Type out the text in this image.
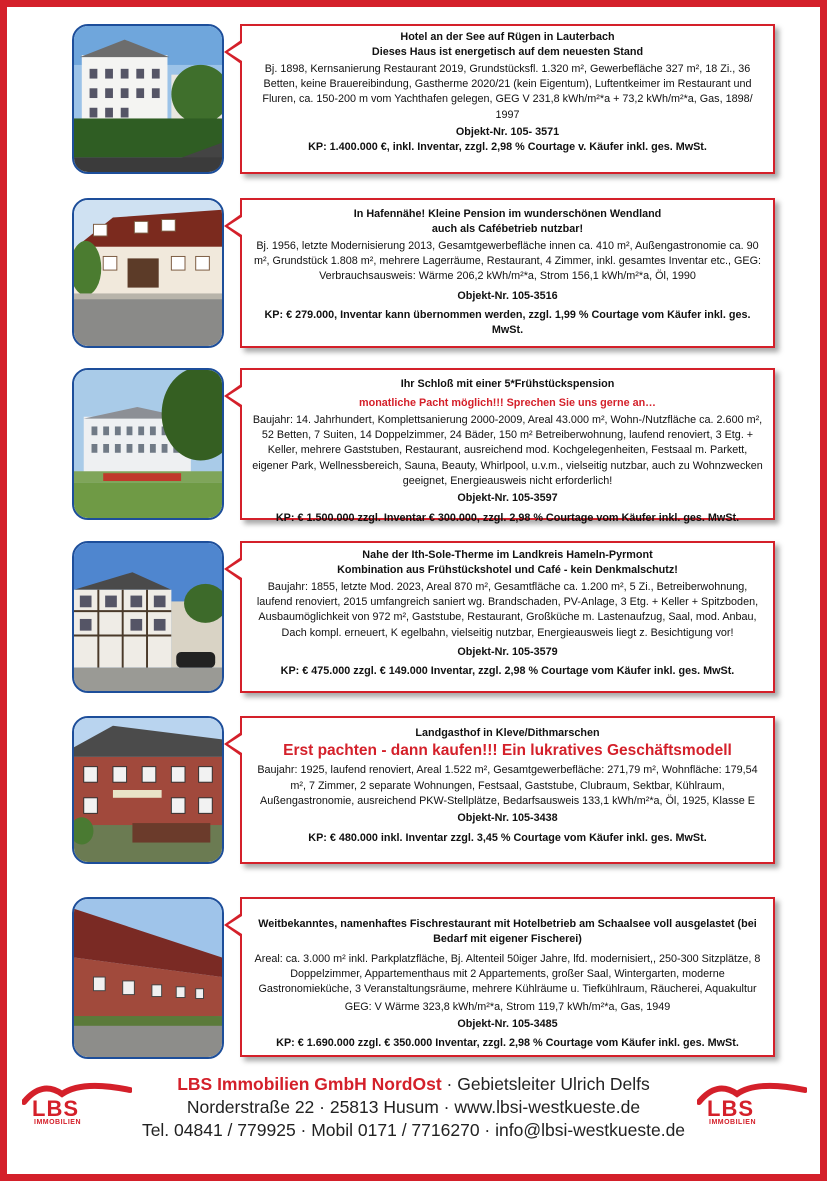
Hotel an der See auf Rügen in Lauterbach
Dieses Haus ist energetisch auf dem neuesten Stand
Bj. 1898, Kernsanierung Restaurant 2019, Grundstücksfl. 1.320 m², Gewerbefläche 327 m², 18 Zi., 36 Betten, keine Brauereibindung, Gastherme 2020/21 (kein Eigentum), Luftentkeimer im Restaurant und Fluren, ca. 150-200 m vom Yachthafen gelegen, GEG V 231,8 kWh/m²*a + 73,2 kWh/m²*a, Gas, 1898/ 1997
Objekt-Nr. 105- 3571
KP: 1.400.000 €, inkl. Inventar, zzgl. 2,98 % Courtage v. Käufer inkl. ges. MwSt.
In Hafennähe! Kleine Pension im wunderschönen Wendland
auch als Cafébetrieb nutzbar!
Bj. 1956, letzte Modernisierung 2013, Gesamtgewerbefläche innen ca. 410 m², Außengastronomie ca. 90 m², Grundstück 1.808 m², mehrere Lagerräume, Restaurant, 4 Zimmer, inkl. gesamtes Inventar etc., GEG: Verbrauchsausweis: Wärme 206,2 kWh/m²*a, Strom 156,1 kWh/m²*a, Öl, 1990
Objekt-Nr. 105-3516
KP: € 279.000, Inventar kann übernommen werden, zzgl. 1,99 % Courtage vom Käufer inkl. ges. MwSt.
Ihr Schloß mit einer 5*Frühstückspension
monatliche Pacht möglich!!! Sprechen Sie uns gerne an…
Baujahr: 14. Jahrhundert, Komplettsanierung 2000-2009, Areal 43.000 m², Wohn-/Nutzfläche ca. 2.600 m², 52 Betten, 7 Suiten, 14 Doppelzimmer, 24 Bäder, 150 m² Betreiberwohnung, laufend renoviert, 3 Etg. + Keller, mehrere Gaststuben, Restaurant, ausreichend mod. Kochgelegenheiten, Festsaal m. Parkett, eigener Park, Wellnessbereich, Sauna, Beauty, Whirlpool, u.v.m., vielseitig nutzbar, auch zu Wohnzwecken geeignet, Energieausweis nicht erforderlich!
Objekt-Nr. 105-3597
KP: € 1.500.000 zzgl. Inventar € 300.000, zzgl. 2,98 % Courtage vom Käufer inkl. ges. MwSt.
Nahe der Ith-Sole-Therme im Landkreis Hameln-Pyrmont
Kombination aus Frühstückshotel und Café - kein Denkmalschutz!
Baujahr: 1855, letzte Mod. 2023, Areal 870 m², Gesamtfläche ca. 1.200 m², 5 Zi., Betreiberwohnung, laufend renoviert, 2015 umfangreich saniert wg. Brandschaden, PV-Anlage, 3 Etg. + Keller + Spitzboden, Ausbaumöglichkeit von 972 m², Gaststube, Restaurant, Großküche m. Lastenaufzug, Saal, mod. Anbau, Dach kompl. erneuert, K egelbahn, vielseitig nutzbar, Energieausweis liegt z. Besichtigung vor!
Objekt-Nr. 105-3579
KP: € 475.000 zzgl. € 149.000 Inventar, zzgl. 2,98 % Courtage vom Käufer inkl. ges. MwSt.
Landgasthof in Kleve/Dithmarschen
Erst pachten - dann kaufen!!! Ein lukratives Geschäftsmodell
Baujahr: 1925, laufend renoviert, Areal 1.522 m², Gesamtgewerbefläche: 271,79 m², Wohnfläche: 179,54 m², 7 Zimmer, 2 separate Wohnungen, Festsaal, Gaststube, Clubraum, Sektbar, Kühlraum, Außengastronomie, ausreichend PKW-Stellplätze, Bedarfsausweis 133,1 kWh/m²*a, Öl, 1925, Klasse E
Objekt-Nr. 105-3438
KP: € 480.000 inkl. Inventar zzgl. 3,45 % Courtage vom Käufer inkl. ges. MwSt.
Weitbekanntes, namenhaftes Fischrestaurant mit Hotelbetrieb am Schaalsee voll ausgelastet (bei Bedarf mit eigener Fischerei)
Areal: ca. 3.000 m² inkl. Parkplatzfläche, Bj. Altenteil 50iger Jahre, lfd. modernisiert,, 250-300 Sitzplätze, 8 Doppelzimmer, Appartementhaus mit 2 Appartements, großer Saal, Wintergarten, moderne Gastronomieküche, 3 Veranstaltungsräume, mehrere Kühlräume u. Tiefkühlraum, Räucherei, Aquakultur
GEG: V Wärme 323,8 kWh/m²*a, Strom 119,7 kWh/m²*a, Gas, 1949
Objekt-Nr. 105-3485
KP: € 1.690.000 zzgl. € 350.000 Inventar, zzgl. 2,98 % Courtage vom Käufer inkl. ges. MwSt.
LBS
IMMOBILIEN
LBS
IMMOBILIEN
LBS Immobilien GmbH NordOst · Gebietsleiter Ulrich Delfs
Norderstraße 22 · 25813 Husum · www.lbsi-westkueste.de
Tel. 04841 / 779925 · Mobil 0171 / 7716270 · info@lbsi-westkueste.de
